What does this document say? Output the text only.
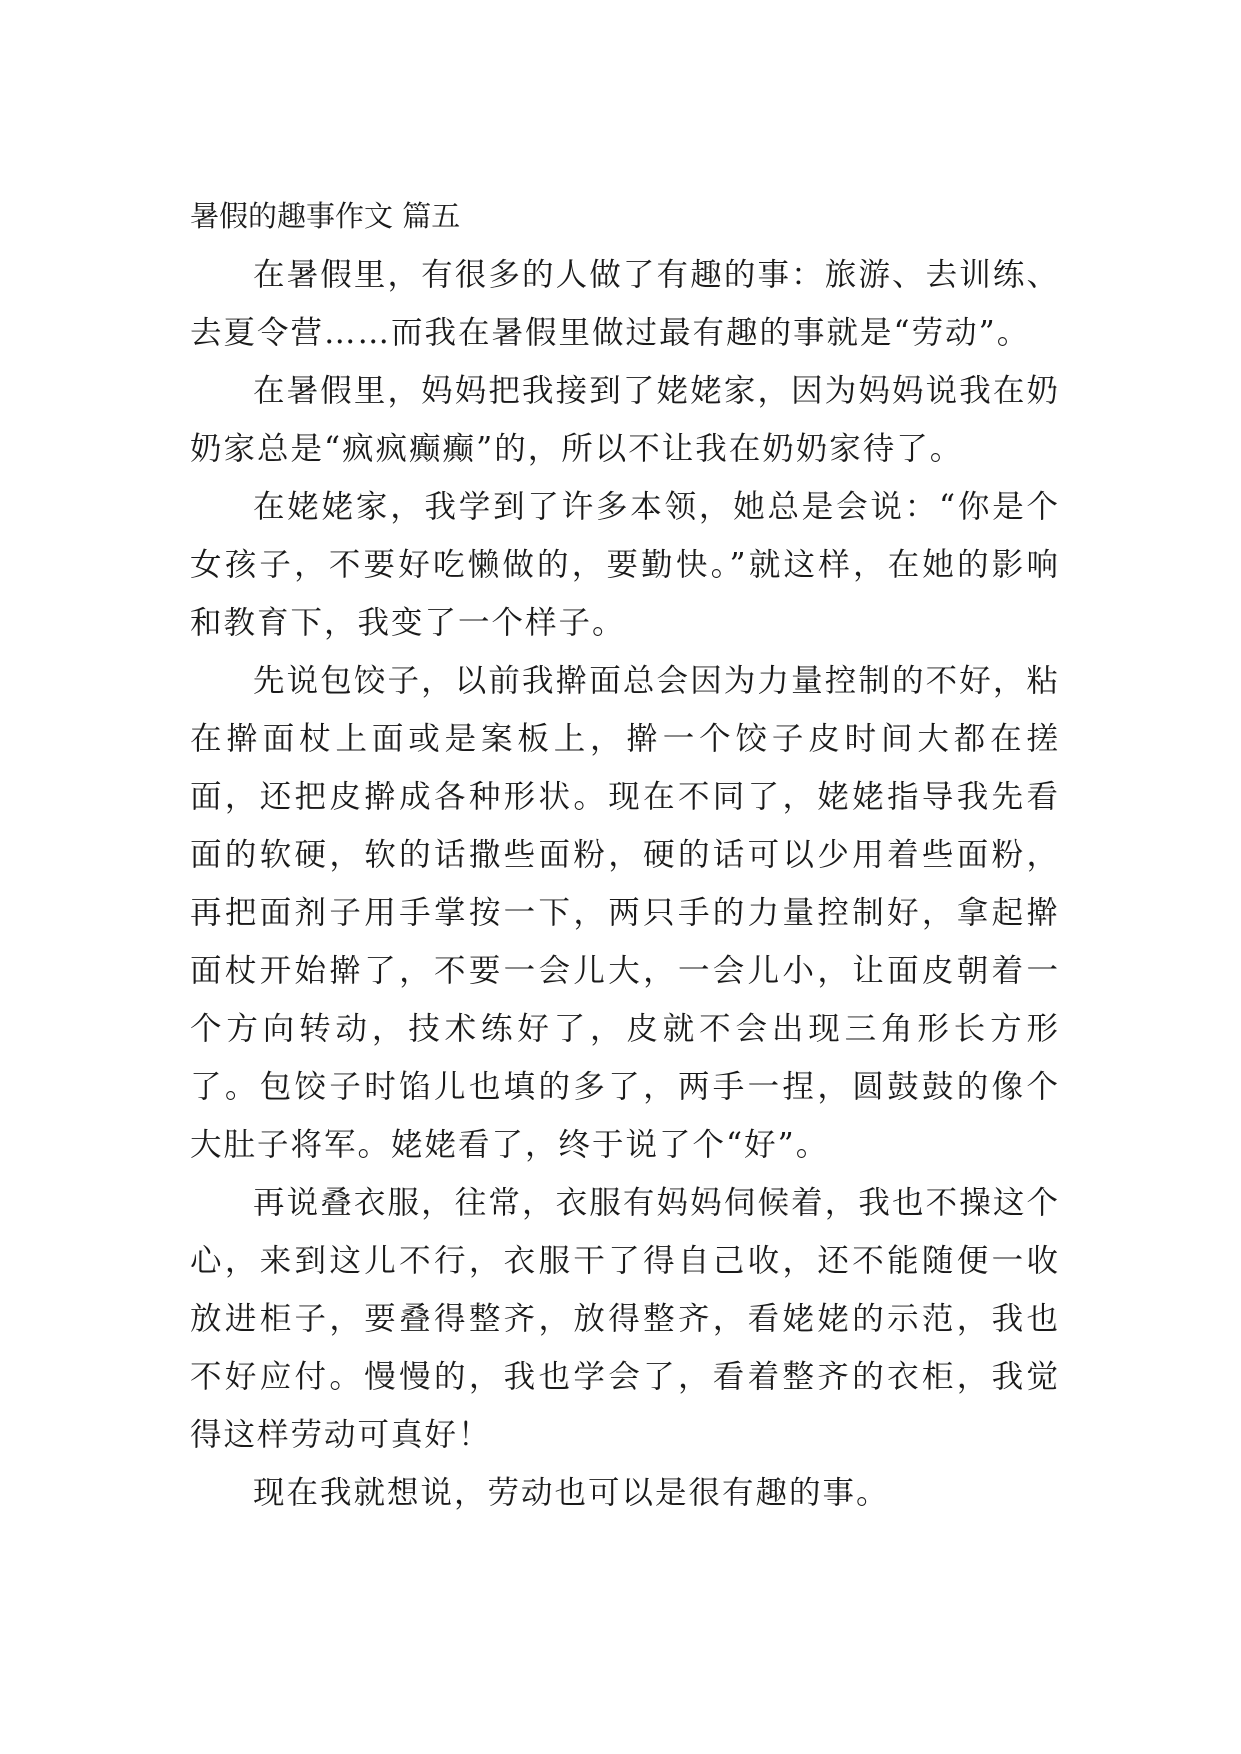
暑假的趣事作文 篇五

在暑假里，有很多的人做了有趣的事：旅游、去训练、去夏令营……而我在暑假里做过最有趣的事就是“劳动”。

在暑假里，妈妈把我接到了姥姥家，因为妈妈说我在奶奶家总是“疯疯癫癫”的，所以不让我在奶奶家待了。

在姥姥家，我学到了许多本领，她总是会说：“你是个女孩子，不要好吃懒做的，要勤快。”就这样，在她的影响和教育下，我变了一个样子。

先说包饺子，以前我擀面总会因为力量控制的不好，粘在擀面杖上面或是案板上，擀一个饺子皮时间大都在搓面，还把皮擀成各种形状。现在不同了，姥姥指导我先看面的软硬，软的话撒些面粉，硬的话可以少用着些面粉，再把面剂子用手掌按一下，两只手的力量控制好，拿起擀面杖开始擀了，不要一会儿大，一会儿小，让面皮朝着一个方向转动，技术练好了，皮就不会出现三角形长方形了。包饺子时馅儿也填的多了，两手一捏，圆鼓鼓的像个大肚子将军。姥姥看了，终于说了个“好”。

再说叠衣服，往常，衣服有妈妈伺候着，我也不操这个心，来到这儿不行，衣服干了得自己收，还不能随便一收放进柜子，要叠得整齐，放得整齐，看姥姥的示范，我也不好应付。慢慢的，我也学会了，看着整齐的衣柜，我觉得这样劳动可真好！

现在我就想说，劳动也可以是很有趣的事。
